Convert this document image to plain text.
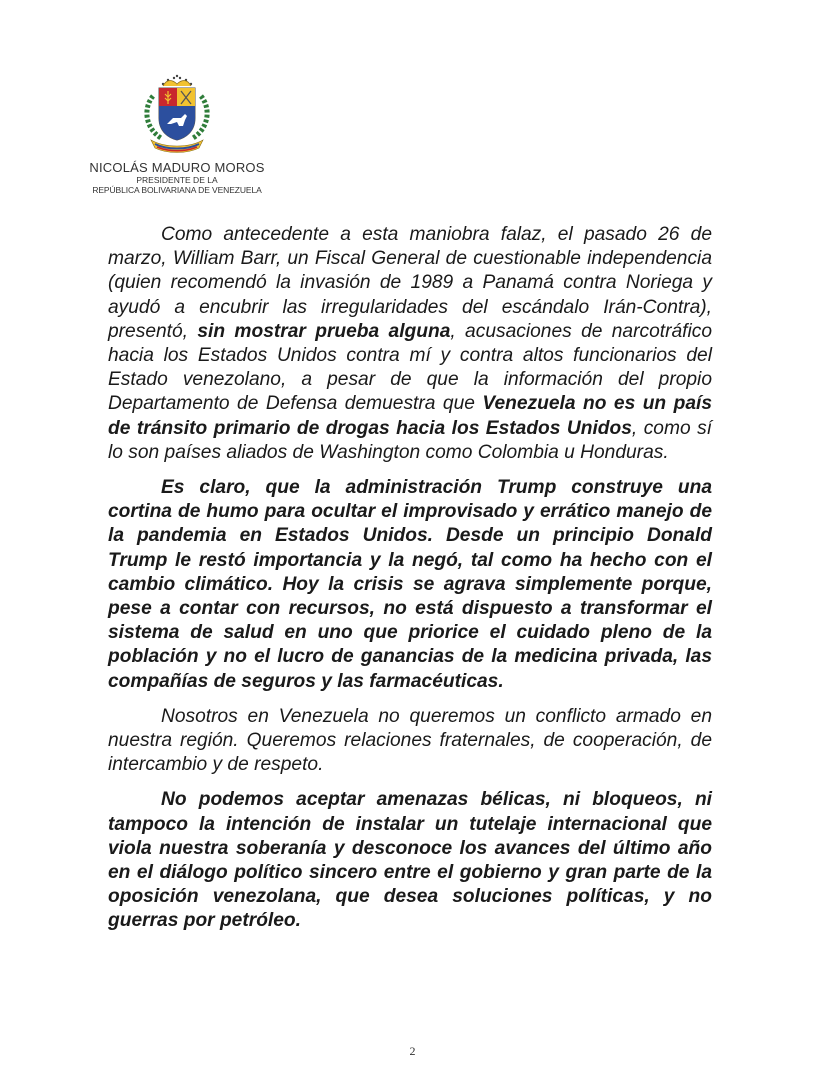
NICOLÁS MADURO MOROS
PRESIDENTE DE LA
REPÚBLICA BOLIVARIANA DE VENEZUELA

Como antecedente a esta maniobra falaz, el pasado 26 de marzo, William Barr, un Fiscal General de cuestionable independencia (quien recomendó la invasión de 1989 a Panamá contra Noriega y ayudó a encubrir las irregularidades del escándalo Irán-Contra), presentó, sin mostrar prueba alguna, acusaciones de narcotráfico hacia los Estados Unidos contra mí y contra altos funcionarios del Estado venezolano, a pesar de que la información del propio Departamento de Defensa demuestra que Venezuela no es un país de tránsito primario de drogas hacia los Estados Unidos, como sí lo son países aliados de Washington como Colombia u Honduras.

Es claro, que la administración Trump construye una cortina de humo para ocultar el improvisado y errático manejo de la pandemia en Estados Unidos. Desde un principio Donald Trump le restó importancia y la negó, tal como ha hecho con el cambio climático. Hoy la crisis se agrava simplemente porque, pese a contar con recursos, no está dispuesto a transformar el sistema de salud en uno que priorice el cuidado pleno de la población y no el lucro de ganancias de la medicina privada, las compañías de seguros y las farmacéuticas.

Nosotros en Venezuela no queremos un conflicto armado en nuestra región. Queremos relaciones fraternales, de cooperación, de intercambio y de respeto.

No podemos aceptar amenazas bélicas, ni bloqueos, ni tampoco la intención de instalar un tutelaje internacional que viola nuestra soberanía y desconoce los avances del último año en el diálogo político sincero entre el gobierno y gran parte de la oposición venezolana, que desea soluciones políticas, y no guerras por petróleo.

2
